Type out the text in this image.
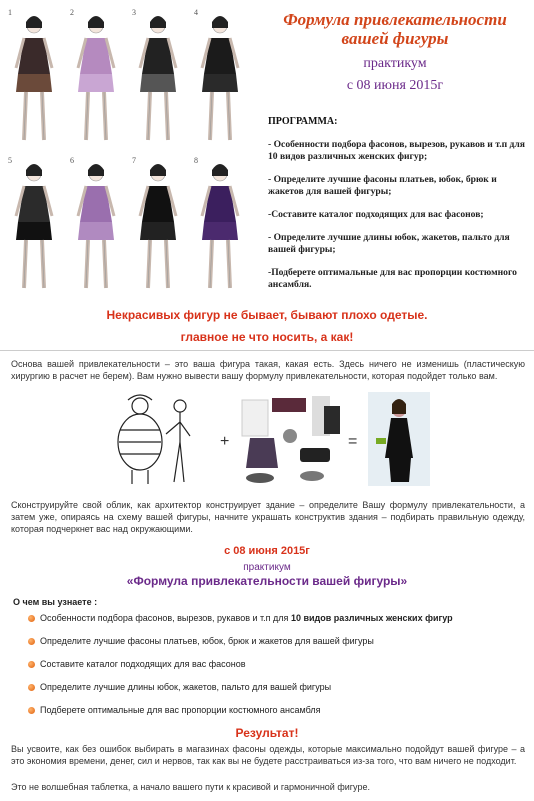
1	2	3	4
5	6	7	8
Формула привлекательности
вашей фигуры
практикум
с 08 июня 2015г
ПРОГРАММА:
- Особенности подбора фасонов, вырезов, рукавов и т.п для 10 видов различных женских фигур;
- Определите лучшие фасоны платьев, юбок, брюк и жакетов для вашей фигуры;
-Составите каталог подходящих для вас фасонов;
- Определите лучшие длины юбок, жакетов, пальто для вашей фигуры;
-Подберете оптимальные для вас пропорции костюмного ансамбля.
Некрасивых фигур не бывает, бывают плохо одетые.
главное не что носить, а как!
Основа вашей привлекательности – это ваша фигура такая, какая есть. Здесь ничего не изменишь (пластическую хирургию в расчет не берем). Вам нужно вывести вашу формулу привлекательности, которая подойдет только вам.
+	=
Сконструируйте свой облик, как архитектор конструирует здание – определите Вашу формулу привлекательности, а затем уже, опираясь на схему вашей фигуры, начните украшать конструктив здания – подбирать правильную одежду, которая подчеркнет вас над окружающими.
с 08 июня 2015г
практикум
«Формула привлекательности вашей фигуры»
О чем вы узнаете :
Особенности подбора фасонов, вырезов, рукавов и т.п для 10 видов различных женских фигур
Определите лучшие фасоны платьев, юбок, брюк и жакетов для вашей фигуры
Составите каталог подходящих для вас фасонов
Определите лучшие длины юбок, жакетов, пальто для вашей фигуры
Подберете оптимальные для вас пропорции костюмного ансамбля
Результат!
Вы усвоите, как без ошибок выбирать в магазинах фасоны одежды, которые максимально подойдут вашей фигуре – а это экономия времени, денег, сил и нервов, так как вы не будете расстраиваться из-за того, что вам ничего не подходит.
Это не волшебная таблетка, а начало вашего пути к красивой и гармоничной фигуре.
